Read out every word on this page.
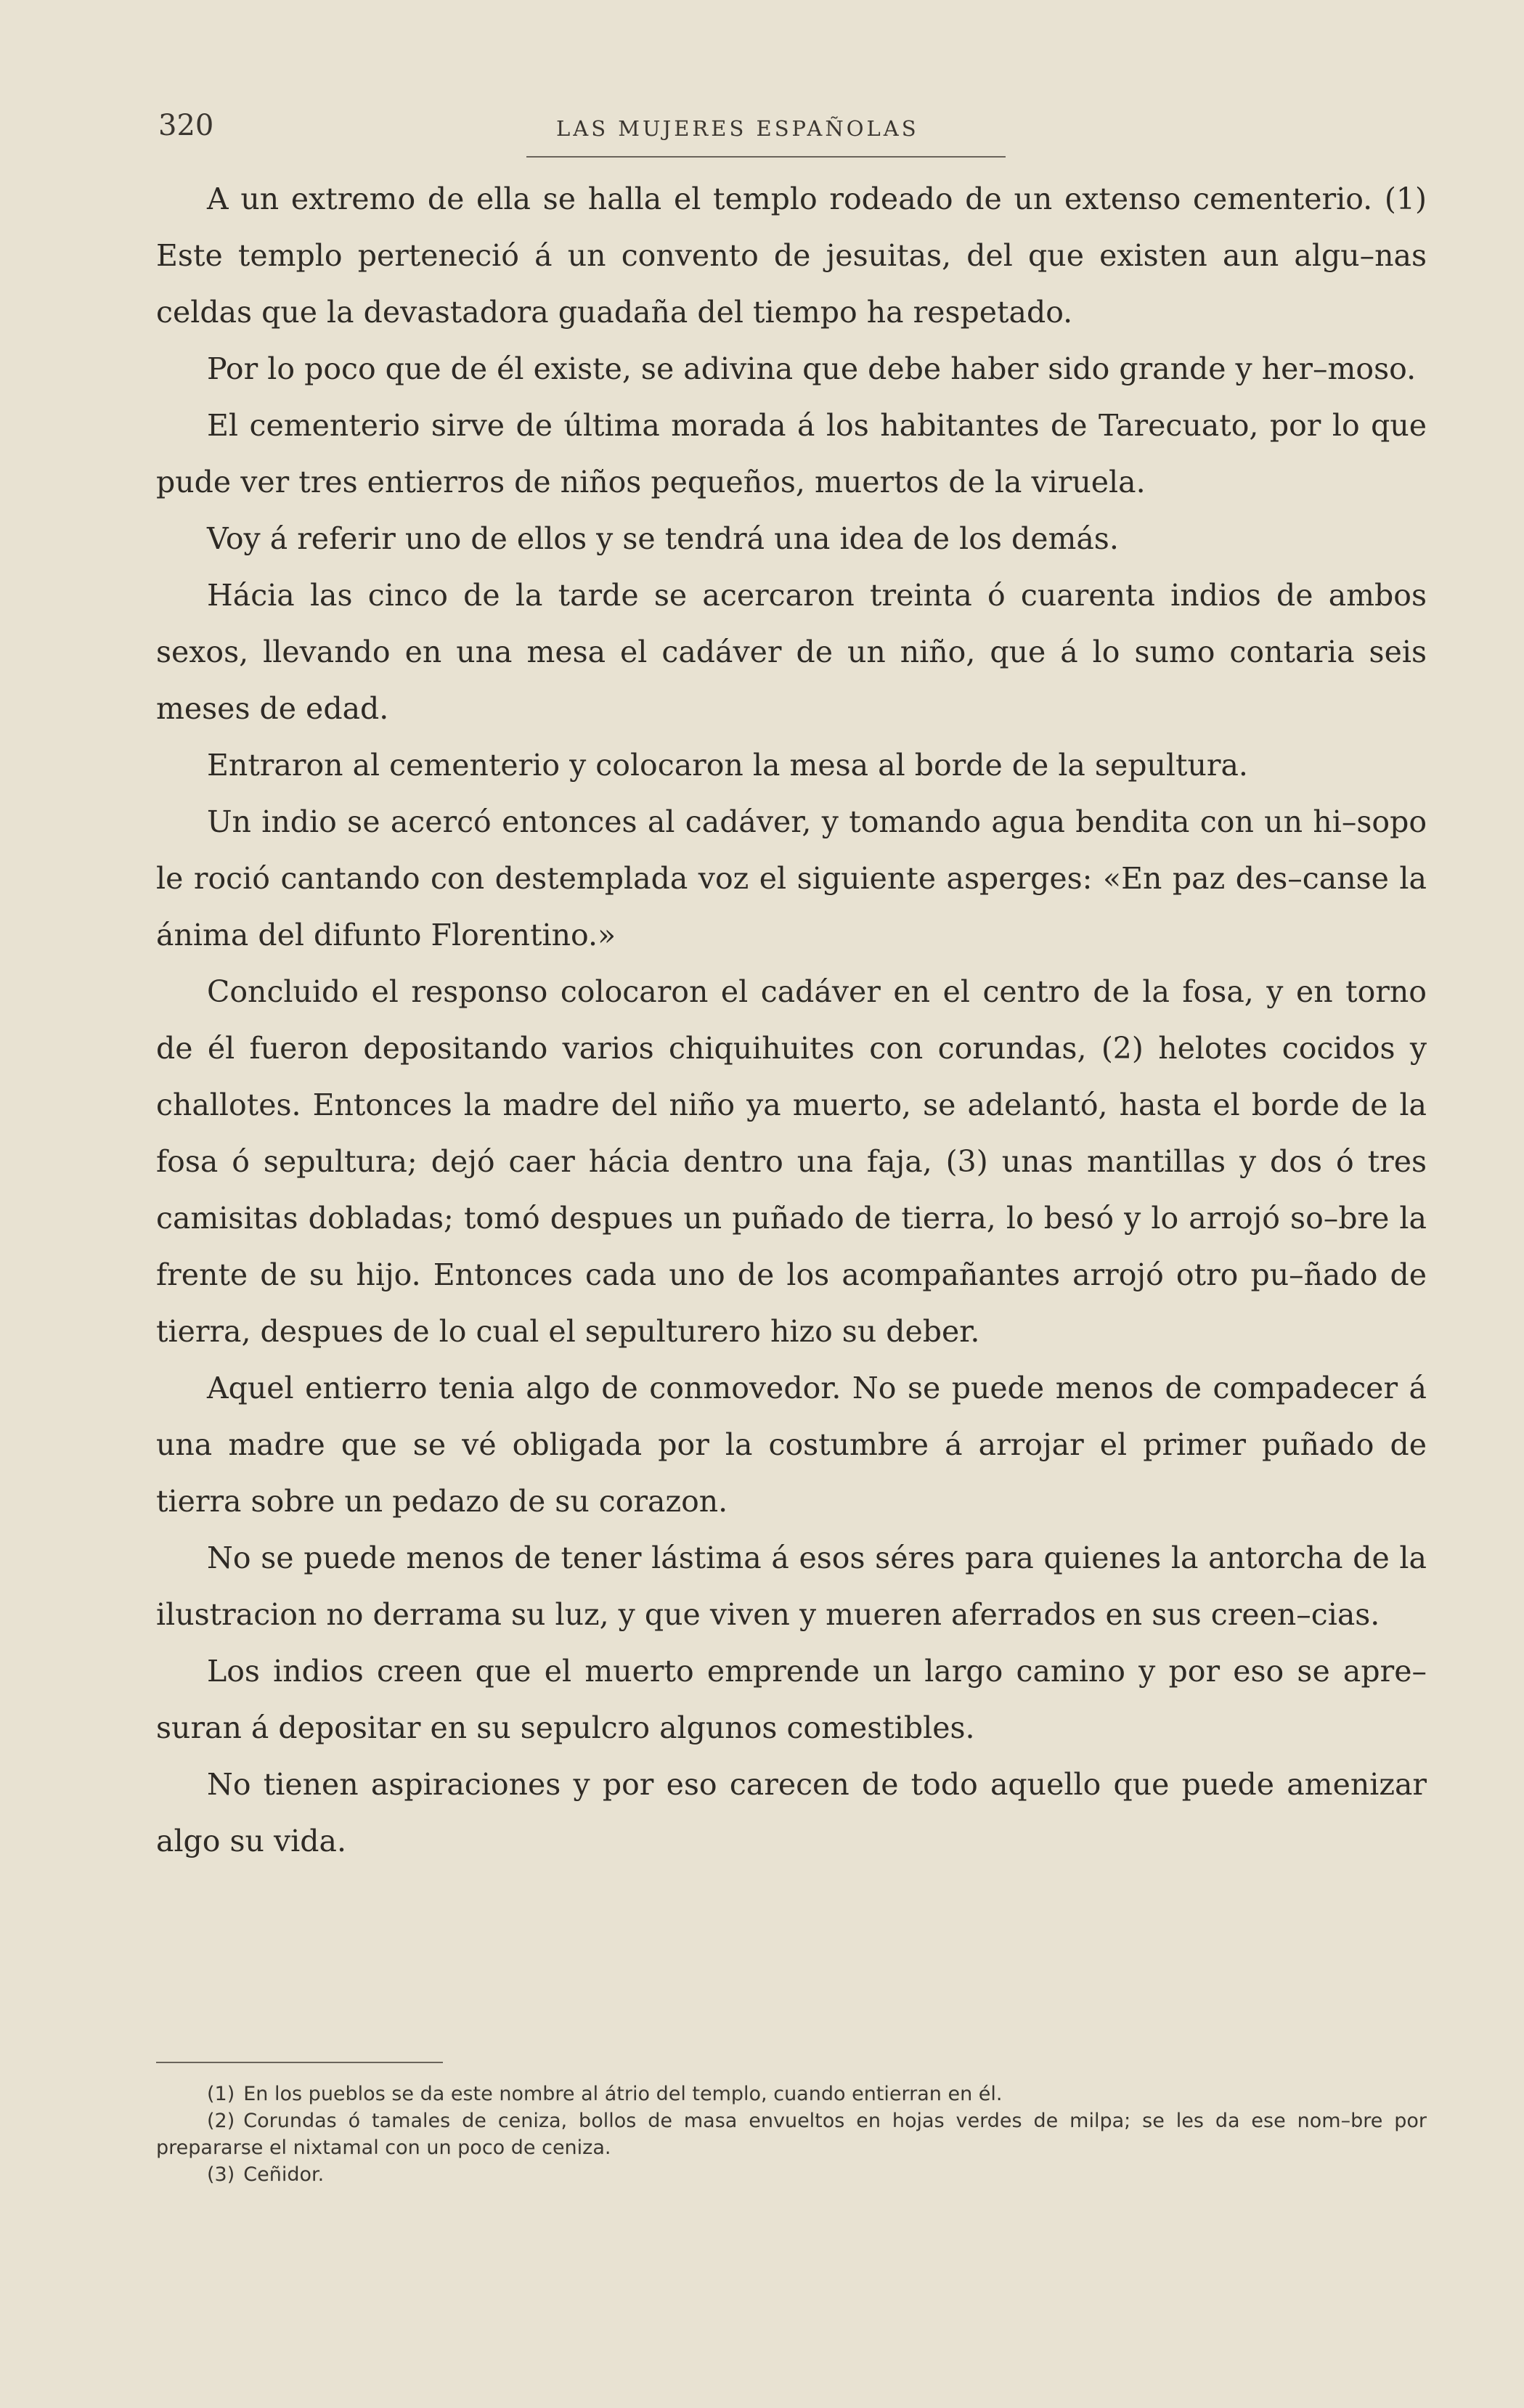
320	LAS MUJERES ESPAÑOLAS

A un extremo de ella se halla el templo rodeado de un extenso cementerio. (1) Este templo perteneció á un convento de jesuitas, del que existen aun algu–nas celdas que la devastadora guadaña del tiempo ha respetado.

Por lo poco que de él existe, se adivina que debe haber sido grande y her–moso.

El cementerio sirve de última morada á los habitantes de Tarecuato, por lo que pude ver tres entierros de niños pequeños, muertos de la viruela.

Voy á referir uno de ellos y se tendrá una idea de los demás.

Hácia las cinco de la tarde se acercaron treinta ó cuarenta indios de ambos sexos, llevando en una mesa el cadáver de un niño, que á lo sumo contaria seis meses de edad.

Entraron al cementerio y colocaron la mesa al borde de la sepultura.

Un indio se acercó entonces al cadáver, y tomando agua bendita con un hi–sopo le roció cantando con destemplada voz el siguiente asperges: «En paz des–canse la ánima del difunto Florentino.»

Concluido el responso colocaron el cadáver en el centro de la fosa, y en torno de él fueron depositando varios chiquihuites con corundas, (2) helotes cocidos y challotes. Entonces la madre del niño ya muerto, se adelantó, hasta el borde de la fosa ó sepultura; dejó caer hácia dentro una faja, (3) unas mantillas y dos ó tres camisitas dobladas; tomó despues un puñado de tierra, lo besó y lo arrojó so–bre la frente de su hijo. Entonces cada uno de los acompañantes arrojó otro pu–ñado de tierra, despues de lo cual el sepulturero hizo su deber.

Aquel entierro tenia algo de conmovedor. No se puede menos de compadecer á una madre que se vé obligada por la costumbre á arrojar el primer puñado de tierra sobre un pedazo de su corazon.

No se puede menos de tener lástima á esos séres para quienes la antorcha de la ilustracion no derrama su luz, y que viven y mueren aferrados en sus creen–cias.

Los indios creen que el muerto emprende un largo camino y por eso se apre–suran á depositar en su sepulcro algunos comestibles.

No tienen aspiraciones y por eso carecen de todo aquello que puede amenizar algo su vida.

(1) En los pueblos se da este nombre al átrio del templo, cuando entierran en él.

(2) Corundas ó tamales de ceniza, bollos de masa envueltos en hojas verdes de milpa; se les da ese nom–bre por prepararse el nixtamal con un poco de ceniza.

(3) Ceñidor.
